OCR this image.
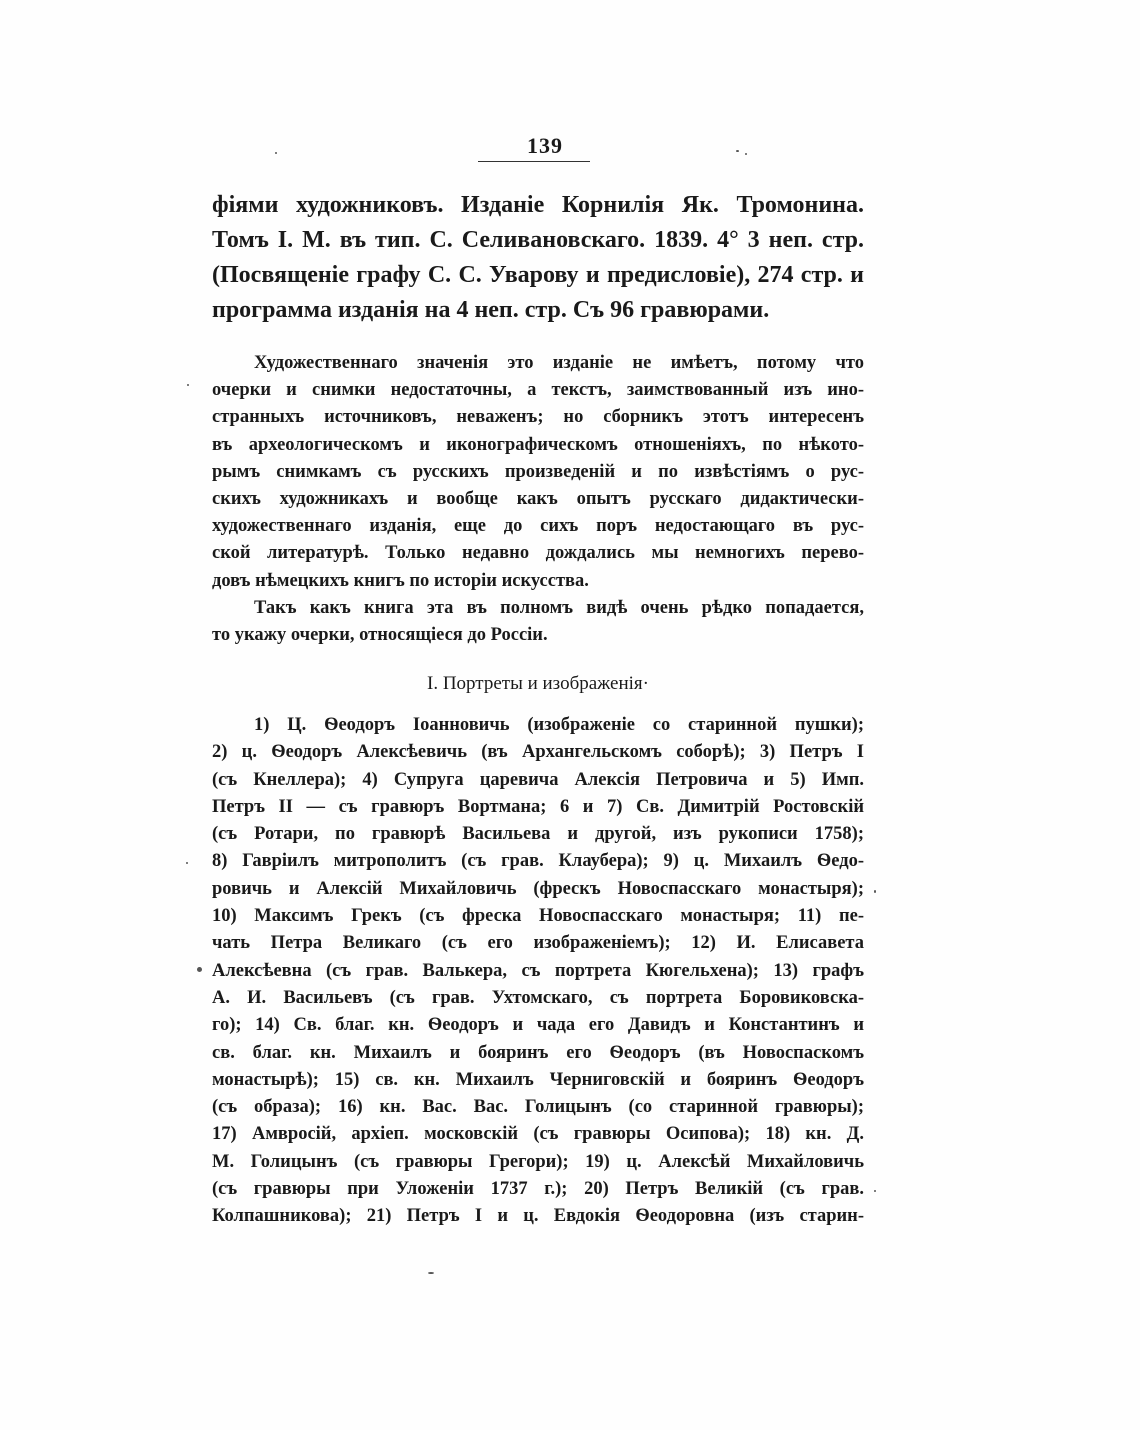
139
фіями художниковъ. Изданіе Корнилія Як. Тромонина.
Томъ I. М. въ тип. С. Селивановскаго. 1839. 4° 3 неп. стр.
(Посвященіе графу С. С. Уварову и предисловіе), 274 стр. и
программа изданія на 4 неп. стр. Съ 96 гравюрами.
Художественнаго значенія это изданіе не имѣетъ, потому что
очерки и снимки недостаточны, а текстъ, заимствованный изъ ино-
странныхъ источниковъ, неваженъ; но сборникъ этотъ интересенъ
въ археологическомъ и иконографическомъ отношеніяхъ, по нѣкото-
рымъ снимкамъ съ русскихъ произведеній и по извѣстіямъ о рус-
скихъ художникахъ и вообще какъ опытъ русскаго дидактически-
художественнаго изданія, еще до сихъ поръ недостающаго въ рус-
ской литературѣ. Только недавно дождались мы немногихъ перево-
довъ нѣмецкихъ книгъ по исторіи искусства.
Такъ какъ книга эта въ полномъ видѣ очень рѣдко попадается,
то укажу очерки, относящіеся до Россіи.
I. Портреты и изображенія·
1) Ц. Ѳеодоръ Іоанновичь (изображеніе со старинной пушки);
2) ц. Ѳеодоръ Алексѣевичь (въ Архангельскомъ соборѣ); 3) Петръ I
(съ Кнеллера); 4) Супруга царевича Алексія Петровича и 5) Имп.
Петръ II — съ гравюръ Вортмана; 6 и 7) Св. Димитрій Ростовскій
(съ Ротари, по гравюрѣ Васильева и другой, изъ рукописи 1758);
8) Гавріилъ митрополитъ (съ грав. Клаубера); 9) ц. Михаилъ Ѳедо-
ровичь и Алексій Михайловичь (фрескъ Новоспасскаго монастыря);
10) Максимъ Грекъ (съ фреска Новоспасскаго монастыря; 11) пе-
чать Петра Великаго (съ его изображеніемъ); 12) И. Елисавета
Алексѣевна (съ грав. Валькера, съ портрета Кюгельхена); 13) графъ
А. И. Васильевъ (съ грав. Ухтомскаго, съ портрета Боровиковска-
го); 14) Св. благ. кн. Ѳеодоръ и чада его Давидъ и Константинъ и
св. благ. кн. Михаилъ и бояринъ его Ѳеодоръ (въ Новоспаскомъ
монастырѣ); 15) св. кн. Михаилъ Черниговскій и бояринъ Ѳеодоръ
(съ образа); 16) кн. Вас. Вас. Голицынъ (со старинной гравюры);
17) Амвросій, архіеп. московскій (съ гравюры Осипова); 18) кн. Д.
М. Голицынъ (съ гравюры Грегори); 19) ц. Алексѣй Михайловичь
(съ гравюры при Уложеніи 1737 г.); 20) Петръ Великій (съ грав.
Колпашникова); 21) Петръ I и ц. Евдокія Ѳеодоровна (изъ старин-
